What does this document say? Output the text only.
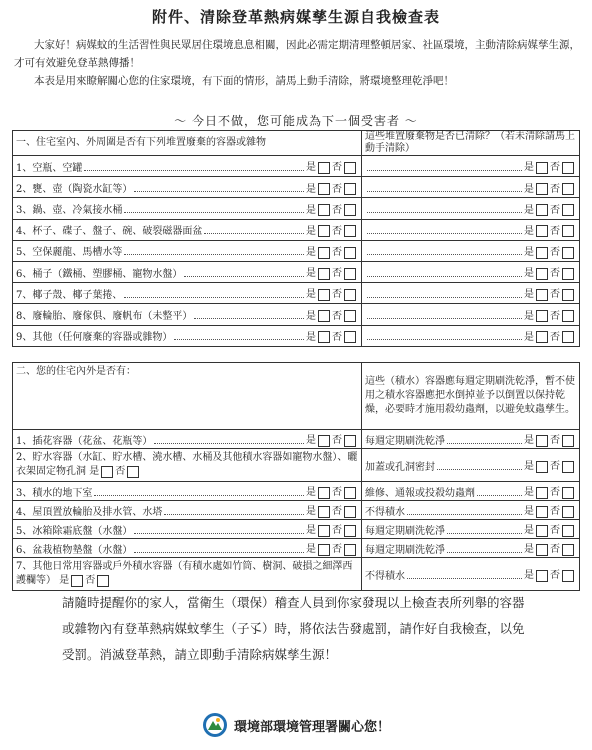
附件、清除登革熱病媒孳生源自我檢查表

大家好！病媒蚊的生活習性與民眾居住環境息息相關，因此必需定期清理整頓居家、社區環境，主動清除病媒孳生源，才可有效避免登革熱傳播！

本表是用來瞭解關心您的住家環境，有下面的情形，請馬上動手清除，將環境整理乾淨吧！

～ 今日不做，您可能成為下一個受害者 ～
一、住宅室內、外周圍是否有下列堆置廢棄的容器或雜物	這些堆置廢棄物是否已清除？（若未清除請馬上動手清除）

1、空瓶、空罐 是 否	是 否

2、甕、壺（陶瓷水缸等） 是 否	是 否

3、鍋、壺、冷氣接水桶 是 否	是 否

4、杯子、碟子、盤子、碗、破裂磁器面盆 是 否	是 否

5、空保麗龍、馬槽水等 是 否	是 否

6、桶子（鐵桶、塑膠桶、寵物水盤） 是 否	是 否

7、椰子殼、椰子葉捲、 是 否	是 否

8、廢輪胎、廢傢俱、廢帆布（未整平） 是 否	是 否

9、其他（任何廢棄的容器或雜物） 是 否	是 否
二、您的住宅內外是否有：	這些（積水）容器應每週定期刷洗乾淨，暫不使用之積水容器應把水倒掉並予以倒置以保持乾燥，必要時才施用殺幼蟲劑，以避免蚊蟲孳生。

1、插花容器（花盆、花瓶等） 是 否	每週定期刷洗乾淨 是 否

2、貯水容器（水缸、貯水槽、澆水槽、水桶及其他積水容器如寵物水盤）、曬衣架固定物孔洞 是 否	加蓋或孔洞密封 是 否

3、積水的地下室 是 否	維修、通報或投殺幼蟲劑 是 否

4、屋頂置放輪胎及排水管、水塔 是 否	不得積水 是 否

5、冰箱除霜底盤（水盤） 是 否	每週定期刷洗乾淨 是 否

6、盆栽植物墊盤（水盤） 是 否	每週定期刷洗乾淨 是 否

7、其他日常用容器或戶外積水容器（有積水處如竹筒、樹洞、破損之細澤西護欄等） 是 否	不得積水 是 否

請隨時提醒你的家人，當衛生（環保）稽查人員到你家發現以上檢查表所列舉的容器或雜物內有登革熱病媒蚊孳生（子孓）時，將依法告發處罰，請作好自我檢查，以免受罰。消滅登革熱，請立即動手清除病媒孳生源！

環境部環境管理署關心您！
